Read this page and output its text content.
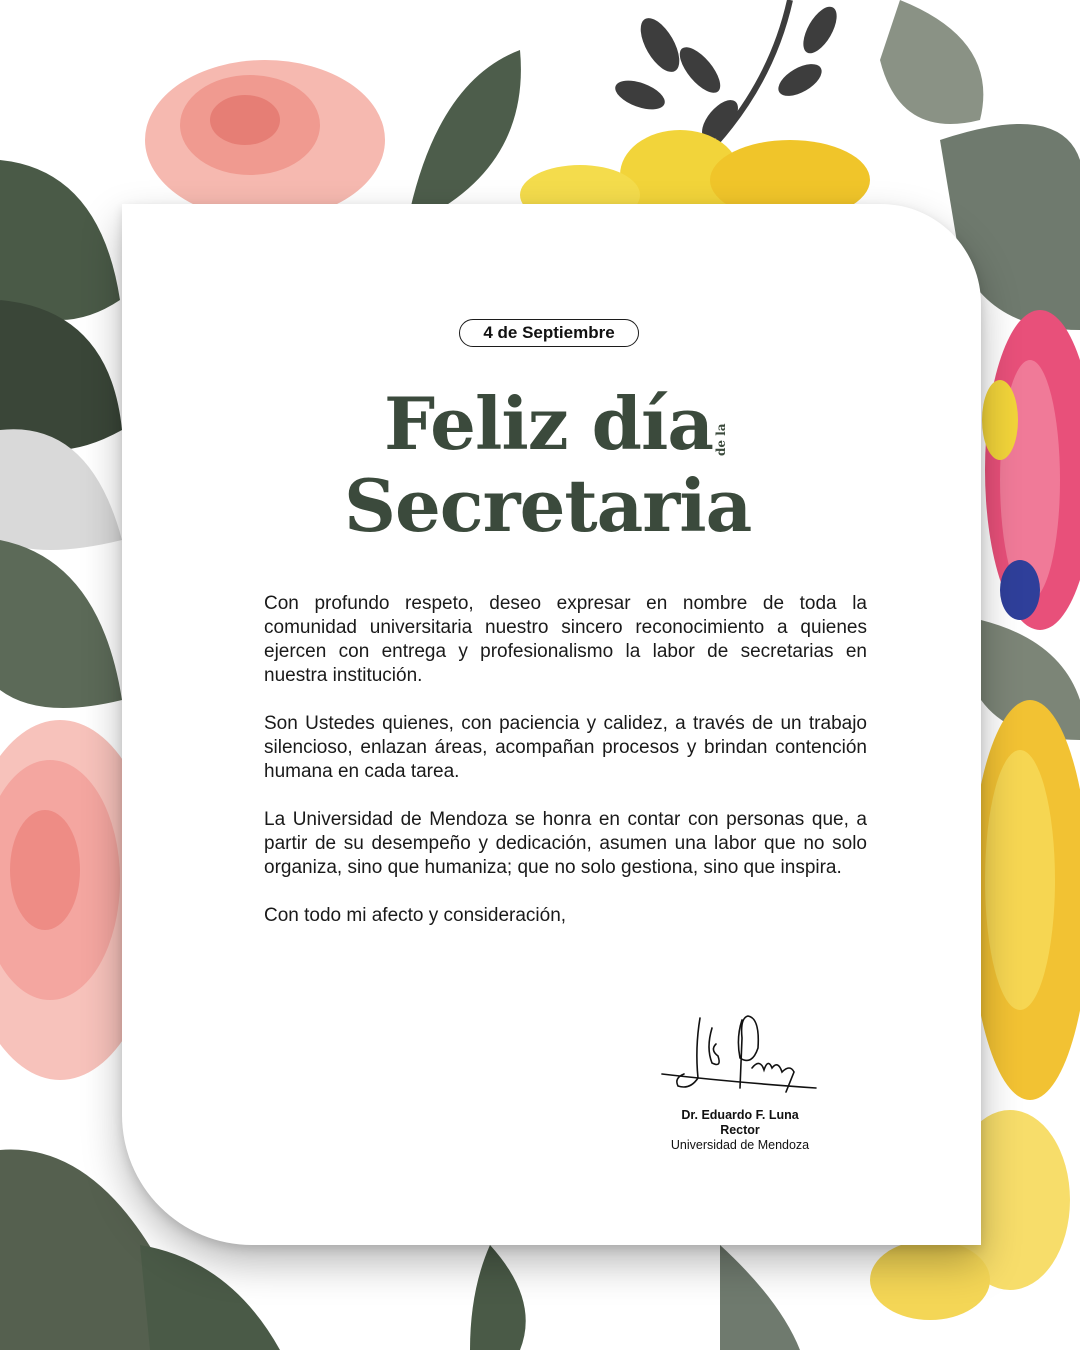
4 de Septiembre
Feliz día de la
Secretaria

Con profundo respeto, deseo expresar en nombre de toda la comunidad universitaria nuestro sincero reconocimiento a quienes ejercen con entrega y profesionalismo la labor de secretarias en nuestra institución.

Son Ustedes quienes, con paciencia y calidez, a través de un trabajo silencioso, enlazan áreas, acompañan procesos y brindan contención humana en cada tarea.

La Universidad de Mendoza se honra en contar con personas que, a partir de su desempeño y dedicación, asumen una labor que no solo organiza, sino que humaniza; que no solo gestiona, sino que inspira.

Con todo mi afecto y consideración,

Dr. Eduardo F. Luna
Rector
Universidad de Mendoza
